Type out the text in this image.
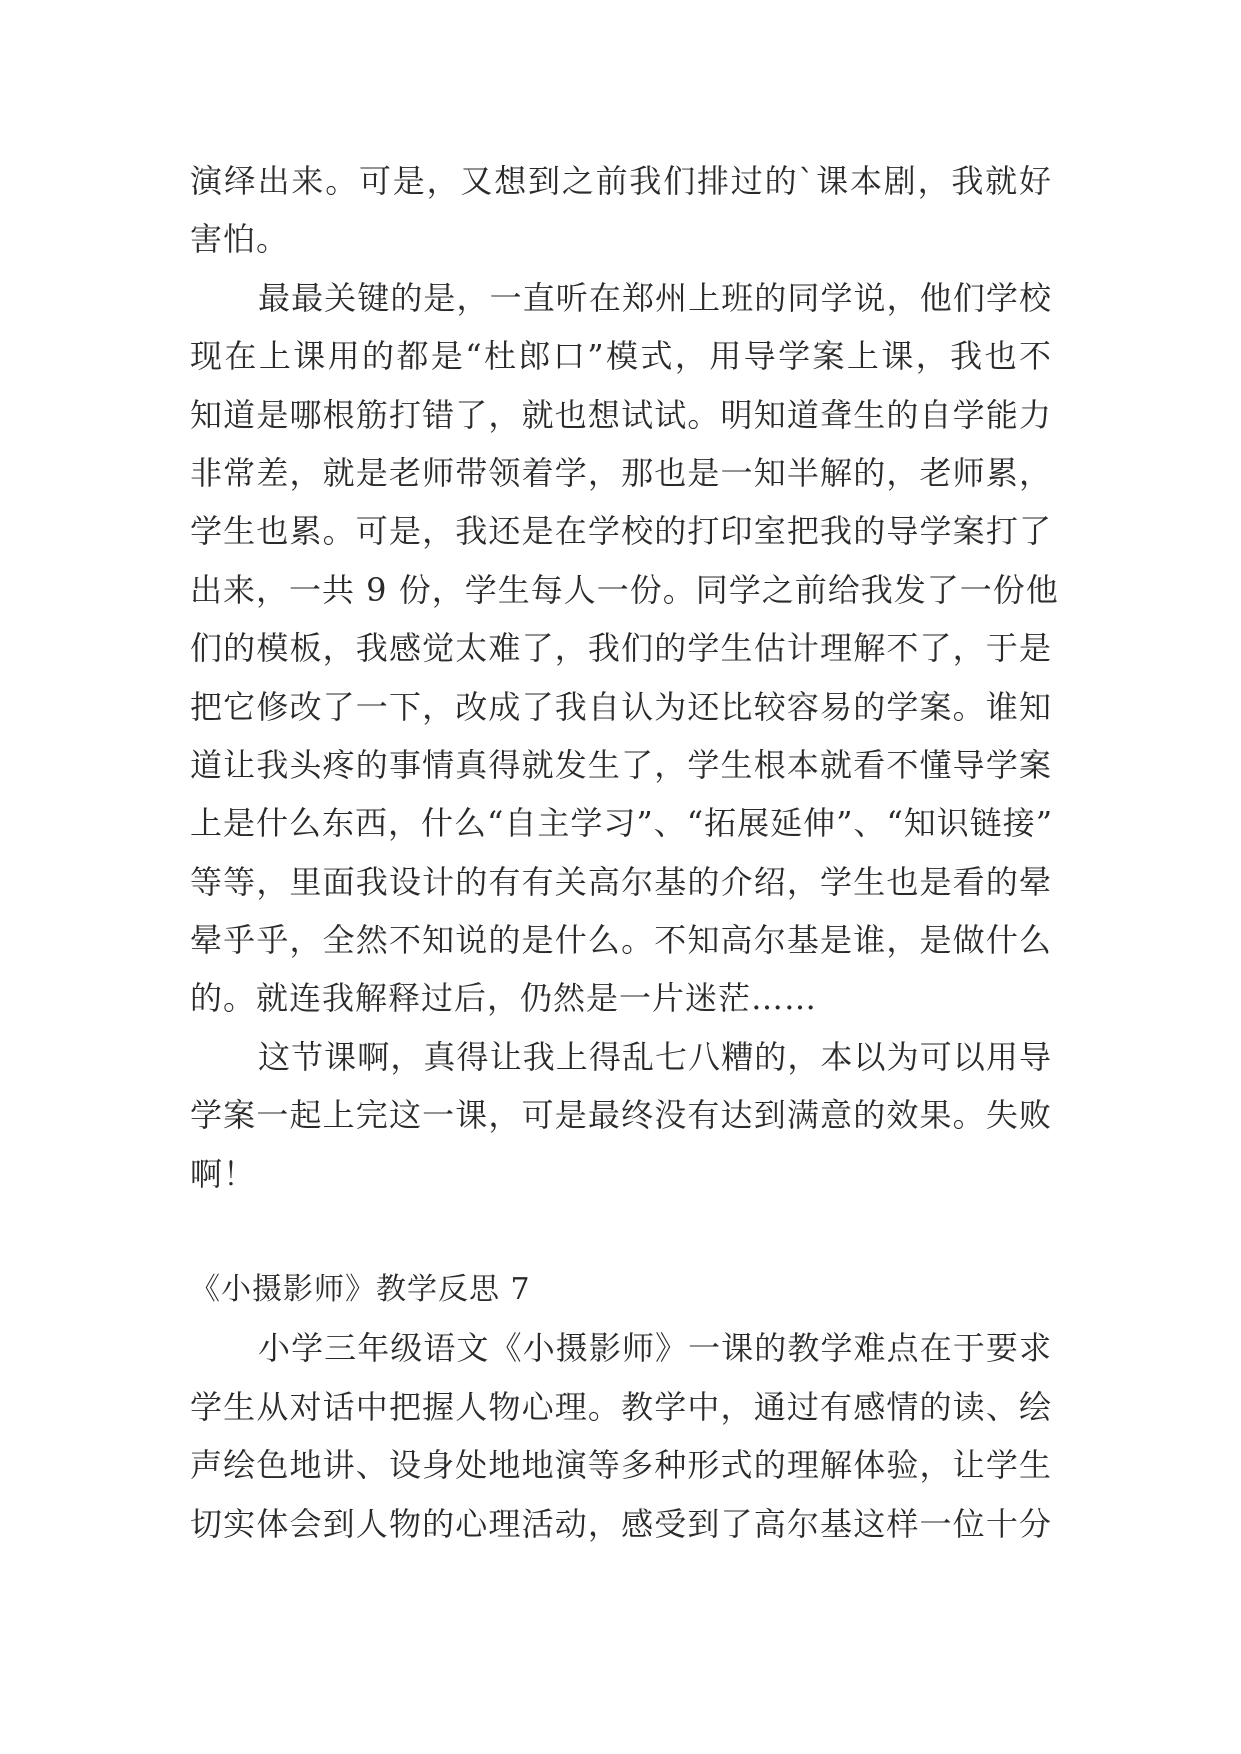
演绎出来。可是，又想到之前我们排过的`课本剧，我就好
害怕。
最最关键的是，一直听在郑州上班的同学说，他们学校
现在上课用的都是“杜郎口”模式，用导学案上课，我也不
知道是哪根筋打错了，就也想试试。明知道聋生的自学能力
非常差，就是老师带领着学，那也是一知半解的，老师累，
学生也累。可是，我还是在学校的打印室把我的导学案打了
出来，一共 9 份，学生每人一份。同学之前给我发了一份他
们的模板，我感觉太难了，我们的学生估计理解不了，于是
把它修改了一下，改成了我自认为还比较容易的学案。谁知
道让我头疼的事情真得就发生了，学生根本就看不懂导学案
上是什么东西，什么“自主学习”、“拓展延伸”、“知识链接”
等等，里面我设计的有有关高尔基的介绍，学生也是看的晕
晕乎乎，全然不知说的是什么。不知高尔基是谁，是做什么
的。就连我解释过后，仍然是一片迷茫……
这节课啊，真得让我上得乱七八糟的，本以为可以用导
学案一起上完这一课，可是最终没有达到满意的效果。失败
啊！
《小摄影师》教学反思 7
小学三年级语文《小摄影师》一课的教学难点在于要求
学生从对话中把握人物心理。教学中，通过有感情的读、绘
声绘色地讲、设身处地地演等多种形式的理解体验，让学生
切实体会到人物的心理活动，感受到了高尔基这样一位十分
